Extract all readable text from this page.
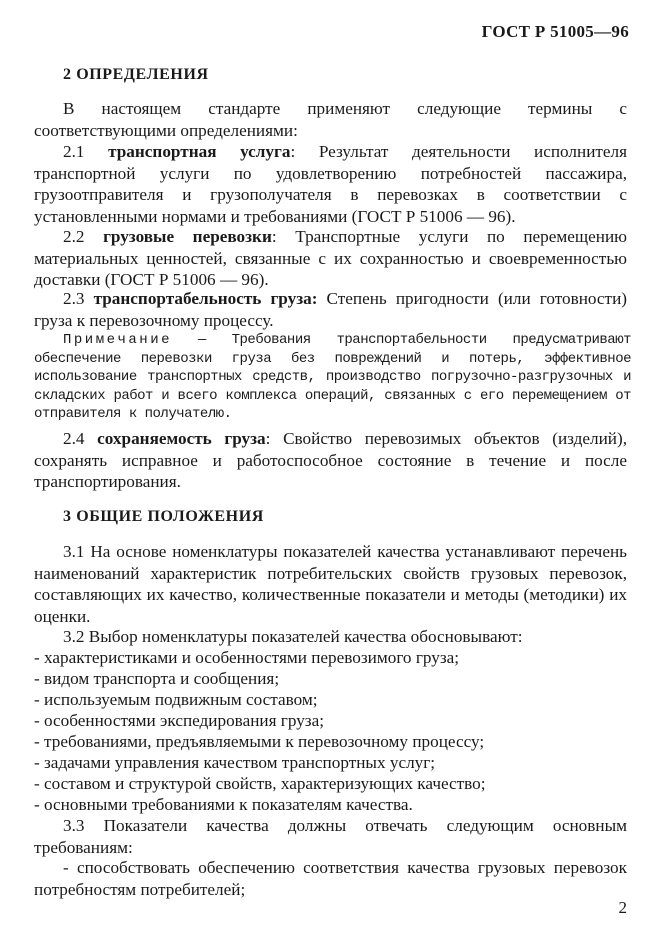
ГОСТ Р 51005—96
2 ОПРЕДЕЛЕНИЯ
В настоящем стандарте применяют следующие термины с соответствующими определениями:
2.1 транспортная услуга: Результат деятельности исполнителя транспортной услуги по удовлетворению потребностей пассажира, грузоотправителя и грузополучателя в перевозках в соответствии с установленными нормами и требованиями (ГОСТ Р 51006 — 96).
2.2 грузовые перевозки: Транспортные услуги по перемещению материальных ценностей, связанные с их сохранностью и своевременностью доставки (ГОСТ Р 51006 — 96).
2.3 транспортабельность груза: Степень пригодности (или готовности) груза к перевозочному процессу.
Примечание — Требования транспортабельности предусматривают обеспечение перевозки груза без повреждений и потерь, эффективное использование транспортных средств, производство погрузочно-разгрузочных и складских работ и всего комплекса операций, связанных с его перемещением от отправителя к получателю.
2.4 сохраняемость груза: Свойство перевозимых объектов (изделий), сохранять исправное и работоспособное состояние в течение и после транспортирования.
3 ОБЩИЕ ПОЛОЖЕНИЯ
3.1 На основе номенклатуры показателей качества устанавливают перечень наименований характеристик потребительских свойств грузовых перевозок, составляющих их качество, количественные показатели и методы (методики) их оценки.
3.2 Выбор номенклатуры показателей качества обосновывают:
- характеристиками и особенностями перевозимого груза;
- видом транспорта и сообщения;
- используемым подвижным составом;
- особенностями экспедирования груза;
- требованиями, предъявляемыми к перевозочному процессу;
- задачами управления качеством транспортных услуг;
- составом и структурой свойств, характеризующих качество;
- основными требованиями к показателям качества.
3.3 Показатели качества должны отвечать следующим основным требованиям:
- способствовать обеспечению соответствия качества грузовых перевозок потребностям потребителей;
2
